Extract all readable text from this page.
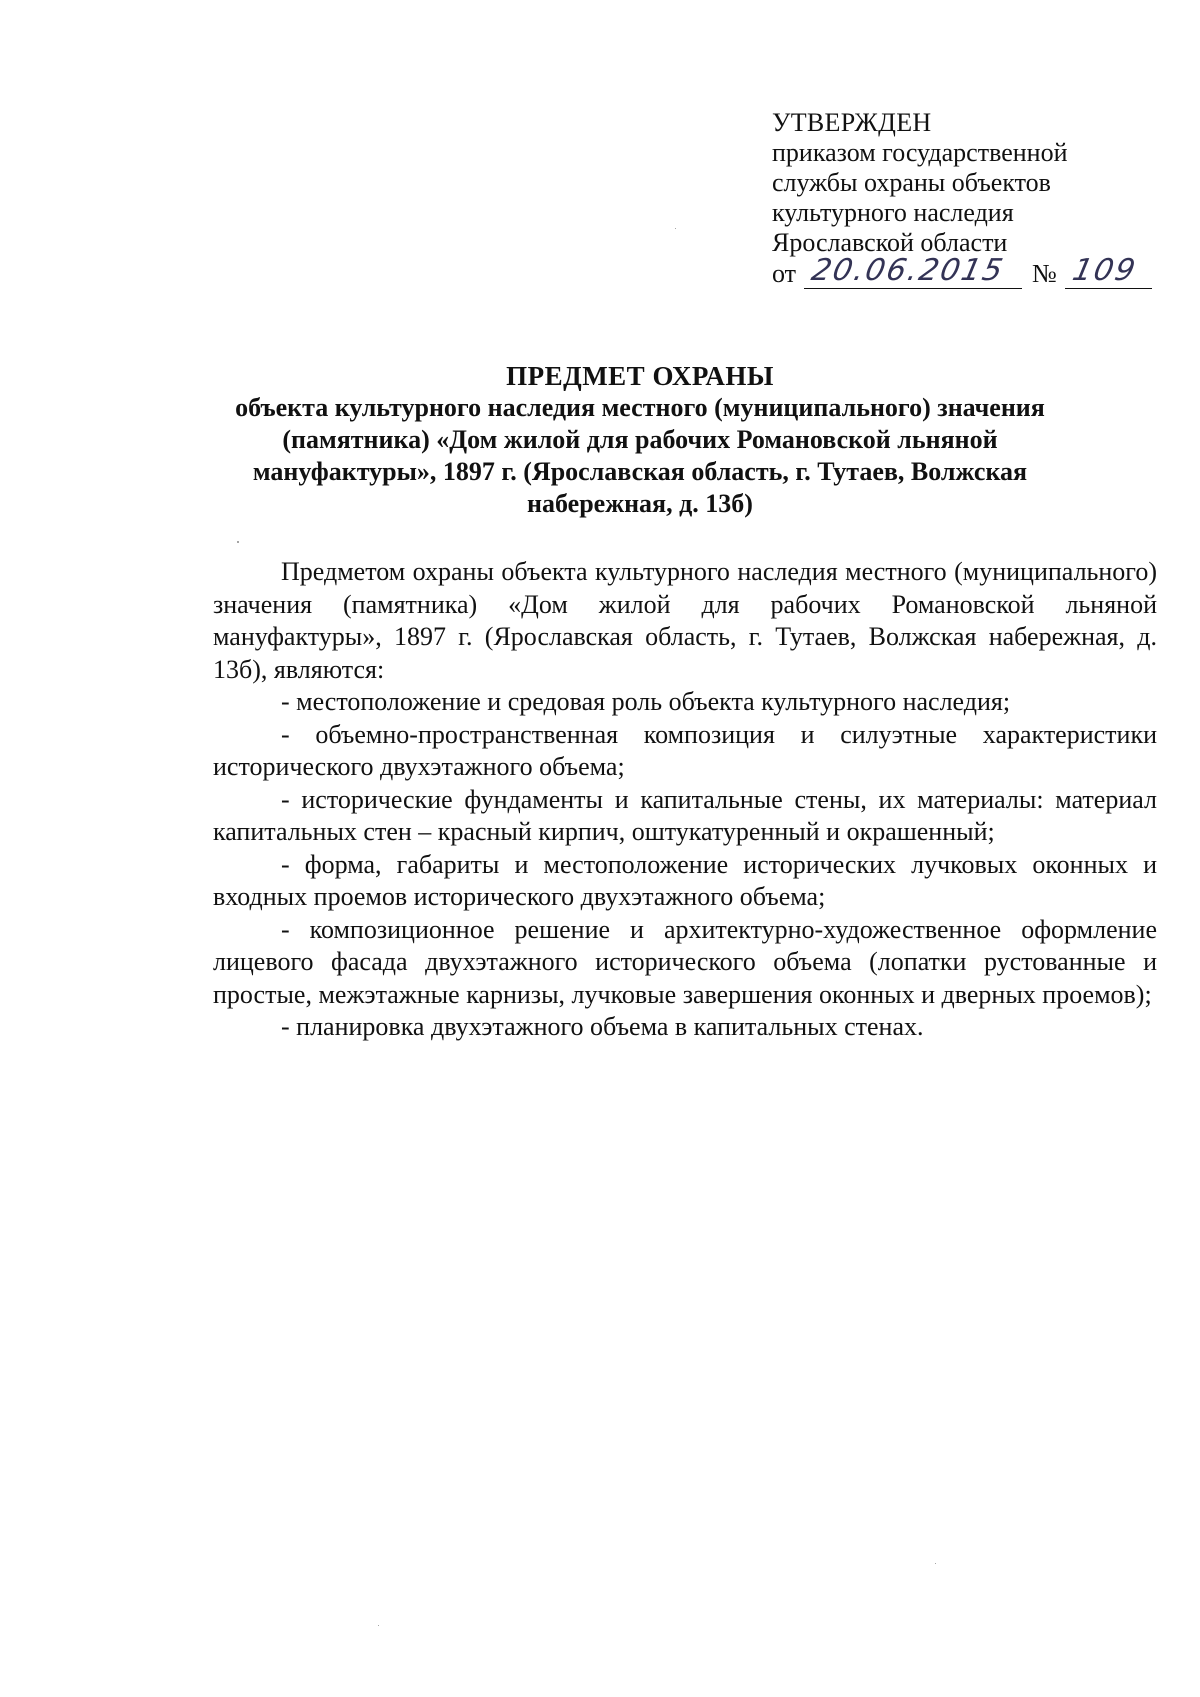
УТВЕРЖДЕН
приказом государственной
службы охраны объектов
культурного наследия
Ярославской области
от 20.06.2015 № 109
ПРЕДМЕТ ОХРАНЫ
объекта культурного наследия местного (муниципального) значения (памятника) «Дом жилой для рабочих Романовской льняной мануфактуры», 1897 г. (Ярославская область, г. Тутаев, Волжская набережная, д. 13б)

Предметом охраны объекта культурного наследия местного (муниципального) значения (памятника) «Дом жилой для рабочих Романовской льняной мануфактуры», 1897 г. (Ярославская область, г. Тутаев, Волжская набережная, д. 13б), являются:

- местоположение и средовая роль объекта культурного наследия;

- объемно-пространственная композиция и силуэтные характеристики исторического двухэтажного объема;

- исторические фундаменты и капитальные стены, их материалы: материал капитальных стен – красный кирпич, оштукатуренный и окрашенный;

- форма, габариты и местоположение исторических лучковых оконных и входных проемов исторического двухэтажного объема;

- композиционное решение и архитектурно-художественное оформление лицевого фасада двухэтажного исторического объема (лопатки рустованные и простые, межэтажные карнизы, лучковые завершения оконных и дверных проемов);

- планировка двухэтажного объема в капитальных стенах.
